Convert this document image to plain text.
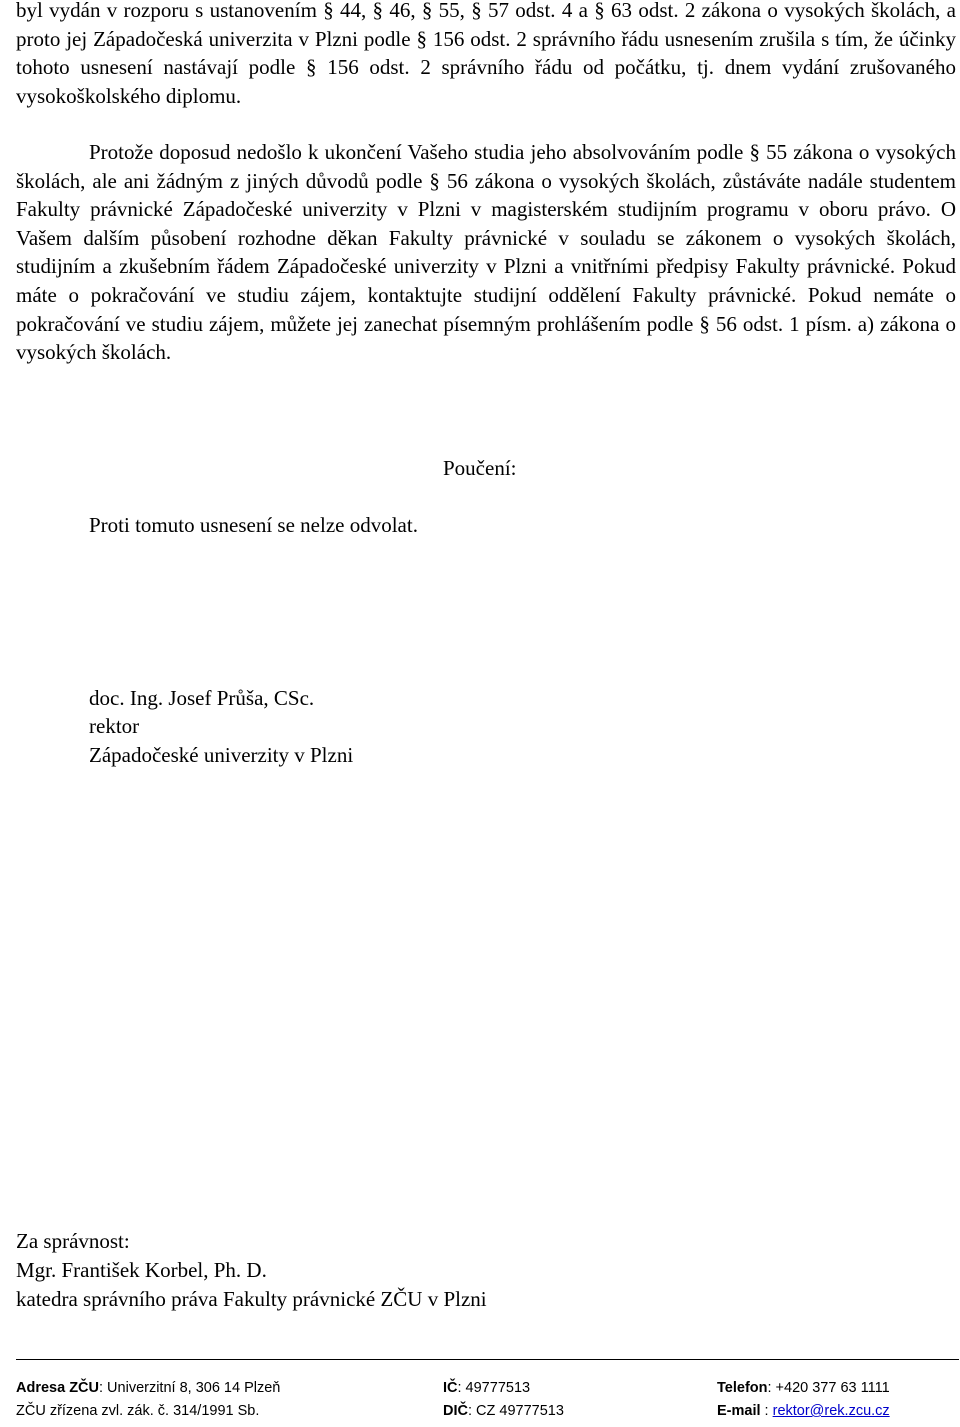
byl vydán v rozporu s ustanovením § 44, § 46, § 55, § 57 odst. 4 a § 63 odst. 2 zákona o vysokých školách, a proto jej Západočeská univerzita v Plzni podle § 156 odst. 2 správního řádu usnesením zrušila s tím, že účinky tohoto usnesení nastávají podle § 156 odst. 2 správního řádu od počátku, tj. dnem vydání zrušovaného vysokoškolského diplomu.

Protože doposud nedošlo k ukončení Vašeho studia jeho absolvováním podle § 55 zákona o vysokých školách, ale ani žádným z jiných důvodů podle § 56 zákona o vysokých školách, zůstáváte nadále studentem Fakulty právnické Západočeské univerzity v Plzni v magisterském studijním programu v oboru právo. O Vašem dalším působení rozhodne děkan Fakulty právnické v souladu se zákonem o vysokých školách, studijním a zkušebním řádem Západočeské univerzity v Plzni a vnitřními předpisy Fakulty právnické. Pokud máte o pokračování ve studiu zájem, kontaktujte studijní oddělení Fakulty právnické. Pokud nemáte o pokračování ve studiu zájem, můžete jej zanechat písemným prohlášením podle § 56 odst. 1 písm. a) zákona o vysokých školách.

Poučení:
Proti tomuto usnesení se nelze odvolat.
doc. Ing. Josef Průša, CSc.
rektor
Západočeské univerzity v Plzni
Za správnost:
Mgr. František Korbel, Ph. D.
katedra správního práva Fakulty právnické ZČU v Plzni
Adresa ZČU: Univerzitní 8, 306 14 Plzeň	IČ: 49777513	Telefon: +420 377 63 1111
ZČU zřízena zvl. zák. č. 314/1991 Sb.	DIČ: CZ 49777513	E-mail : rektor@rek.zcu.cz
